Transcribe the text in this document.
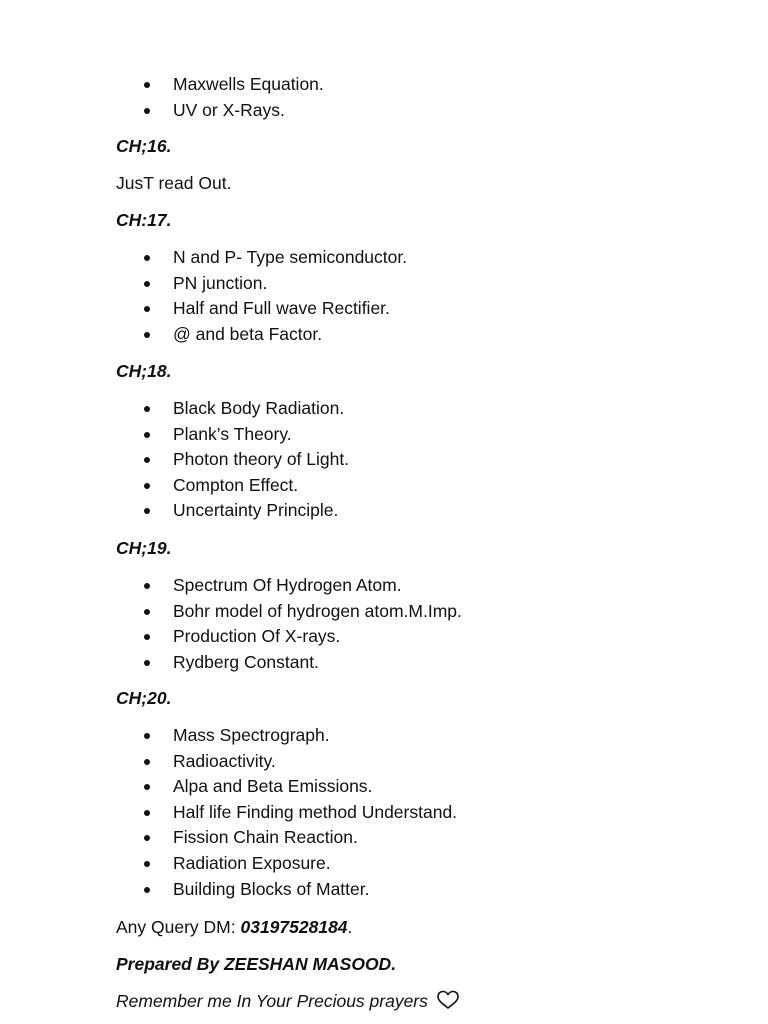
Maxwells Equation.
UV or X-Rays.
CH;16.
JusT read Out.
CH:17.
N and P- Type semiconductor.
PN junction.
Half and Full wave Rectifier.
@ and beta Factor.
CH;18.
Black Body Radiation.
Plank’s Theory.
Photon theory of Light.
Compton Effect.
Uncertainty Principle.
CH;19.
Spectrum Of Hydrogen Atom.
Bohr model of hydrogen atom.M.Imp.
Production Of X-rays.
Rydberg Constant.
CH;20.
Mass Spectrograph.
Radioactivity.
Alpa and Beta Emissions.
Half life Finding method Understand.
Fission Chain Reaction.
Radiation Exposure.
Building Blocks of Matter.
Any Query DM: 03197528184.
Prepared By ZEESHAN MASOOD.
Remember me In Your Precious prayers
